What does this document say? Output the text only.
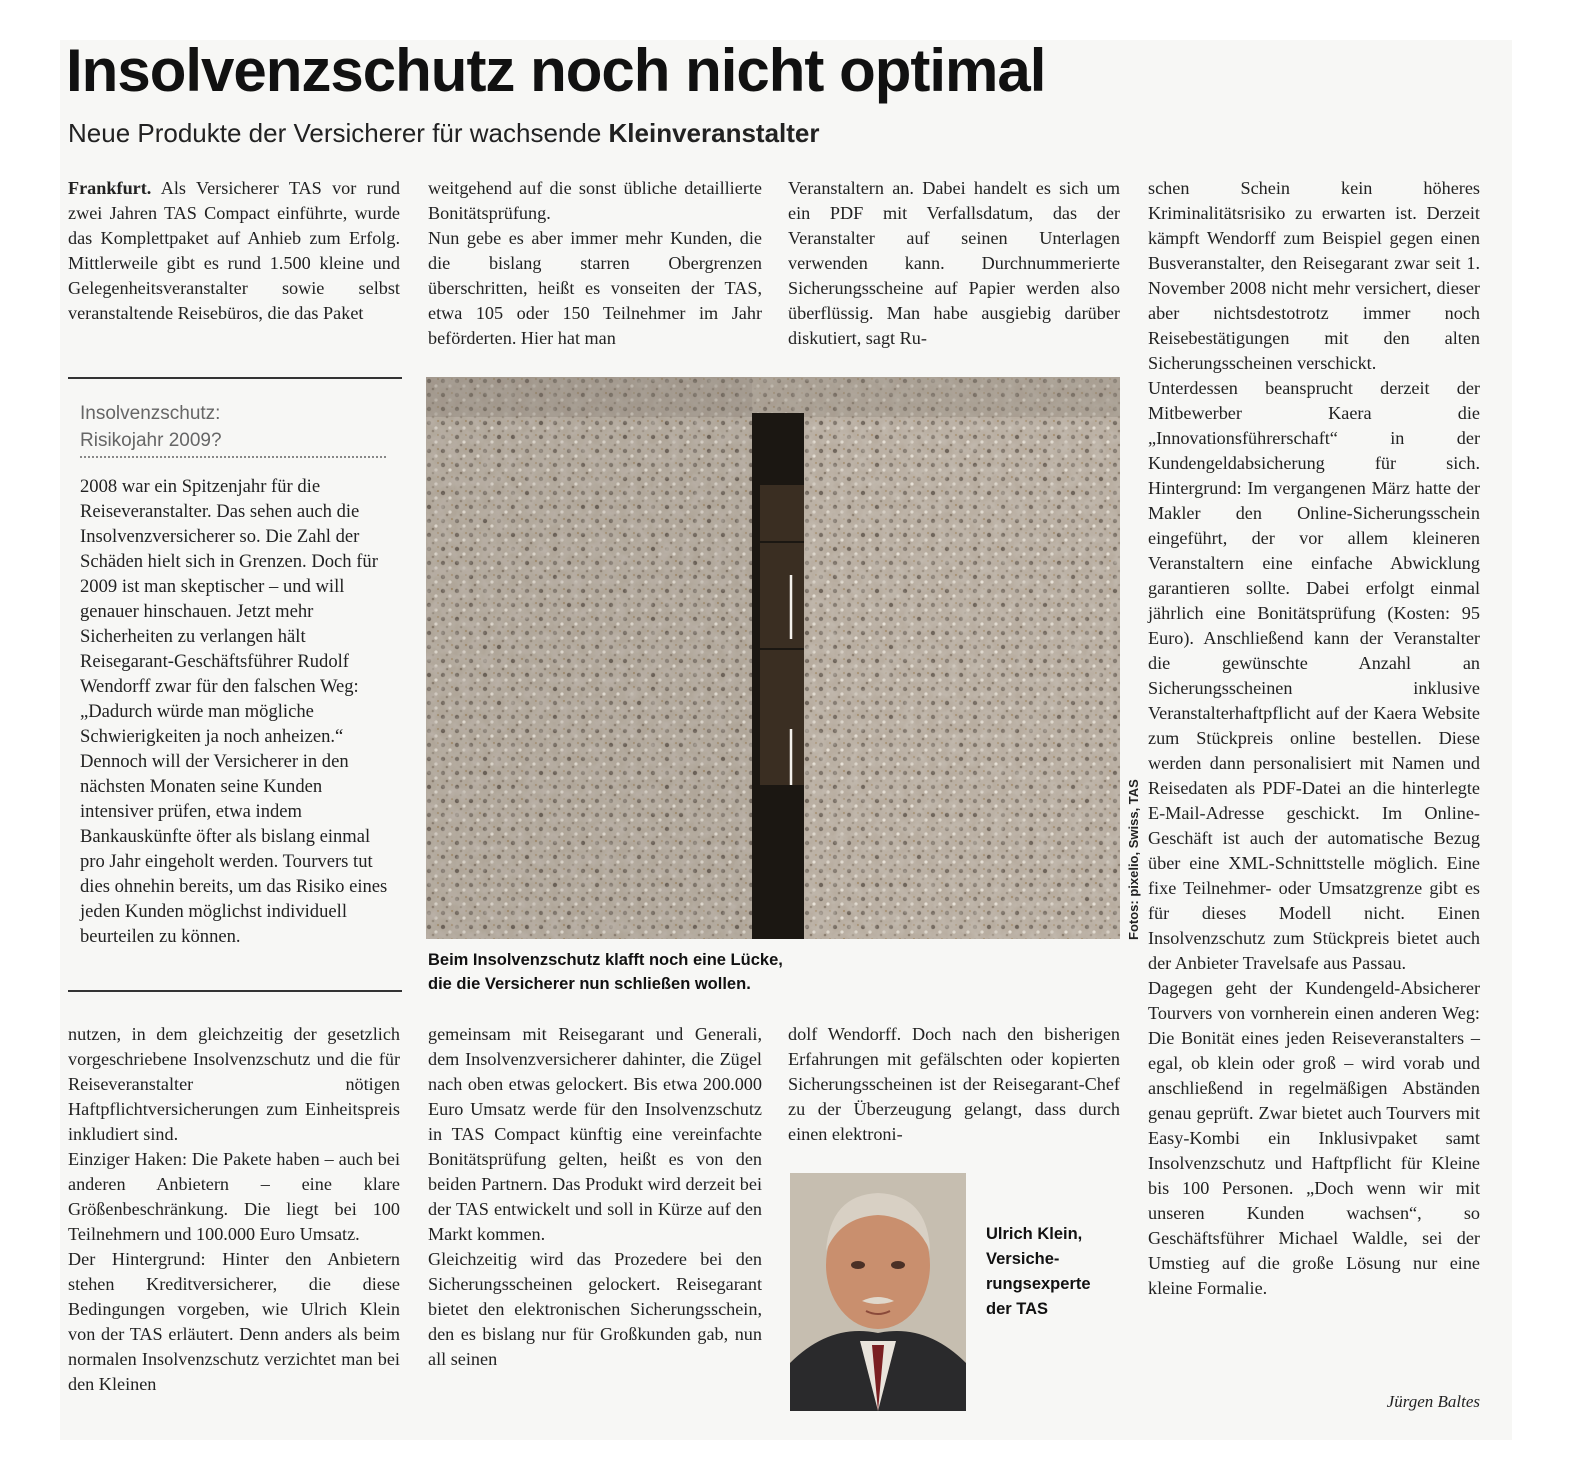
Insolvenzschutz noch nicht optimal
Neue Produkte der Versicherer für wachsende Kleinveranstalter

Frankfurt. Als Versicherer TAS vor rund zwei Jahren TAS Compact einführte, wurde das Komplettpaket auf Anhieb zum Erfolg. Mittlerweile gibt es rund 1.500 kleine und Gelegenheitsveranstalter sowie selbst veranstaltende Reisebüros, die das Paket

Insolvenzschutz:
Risikojahr 2009?
2008 war ein Spitzenjahr für die Reiseveranstalter. Das sehen auch die Insolvenzversicherer so. Die Zahl der Schäden hielt sich in Grenzen. Doch für 2009 ist man skeptischer – und will genauer hinschauen. Jetzt mehr Sicherheiten zu verlangen hält Reisegarant-Geschäftsführer Rudolf Wendorff zwar für den falschen Weg: „Dadurch würde man mögliche Schwierigkeiten ja noch anheizen.“ Dennoch will der Versicherer in den nächsten Monaten seine Kunden intensiver prüfen, etwa indem Bankauskünfte öfter als bislang einmal pro Jahr eingeholt werden. Tourvers tut dies ohnehin bereits, um das Risiko eines jeden Kunden möglichst individuell beurteilen zu können.

weitgehend auf die sonst übliche detaillierte Bonitätsprüfung.

Nun gebe es aber immer mehr Kunden, die die bislang starren Obergrenzen überschritten, heißt es vonseiten der TAS, etwa 105 oder 150 Teilnehmer im Jahr beförderten. Hier hat man

Veranstaltern an. Dabei handelt es sich um ein PDF mit Verfallsdatum, das der Veranstalter auf seinen Unterlagen verwenden kann. Durchnummerierte Sicherungsscheine auf Papier werden also überflüssig. Man habe ausgiebig darüber diskutiert, sagt Ru-

Fotos: pixelio, Swiss, TAS
Beim Insolvenzschutz klafft noch eine Lücke,
die die Versicherer nun schließen wollen.

schen Schein kein höheres Kriminalitätsrisiko zu erwarten ist. Derzeit kämpft Wendorff zum Beispiel gegen einen Busveranstalter, den Reisegarant zwar seit 1. November 2008 nicht mehr versichert, dieser aber nichtsdestotrotz immer noch Reisebestätigungen mit den alten Sicherungsscheinen verschickt.

Unterdessen beansprucht derzeit der Mitbewerber Kaera die „Innovationsführerschaft“ in der Kundengeldabsicherung für sich. Hintergrund: Im vergangenen März hatte der Makler den Online-Sicherungsschein eingeführt, der vor allem kleineren Veranstaltern eine einfache Abwicklung garantieren sollte. Dabei erfolgt einmal jährlich eine Bonitätsprüfung (Kosten: 95 Euro). Anschließend kann der Veranstalter die gewünschte Anzahl an Sicherungsscheinen inklusive Veranstalterhaftpflicht auf der Kaera Website zum Stückpreis online bestellen. Diese werden dann personalisiert mit Namen und Reisedaten als PDF-Datei an die hinterlegte E-Mail-Adresse geschickt. Im Online-Geschäft ist auch der automatische Bezug über eine XML-Schnittstelle möglich. Eine fixe Teilnehmer- oder Umsatzgrenze gibt es für dieses Modell nicht. Einen Insolvenzschutz zum Stückpreis bietet auch der Anbieter Travelsafe aus Passau.

Dagegen geht der Kundengeld-Absicherer Tourvers von vornherein einen anderen Weg: Die Bonität eines jeden Reiseveranstalters – egal, ob klein oder groß – wird vorab und anschließend in regelmäßigen Abständen genau geprüft. Zwar bietet auch Tourvers mit Easy-Kombi ein Inklusivpaket samt Insolvenzschutz und Haftpflicht für Kleine bis 100 Personen. „Doch wenn wir mit unseren Kunden wachsen“, so Geschäftsführer Michael Waldle, sei der Umstieg auf die große Lösung nur eine kleine Formalie.

nutzen, in dem gleichzeitig der gesetzlich vorgeschriebene Insolvenzschutz und die für Reiseveranstalter nötigen Haftpflichtversicherungen zum Einheitspreis inkludiert sind.

Einziger Haken: Die Pakete haben – auch bei anderen Anbietern – eine klare Größenbeschränkung. Die liegt bei 100 Teilnehmern und 100.000 Euro Umsatz.

Der Hintergrund: Hinter den Anbietern stehen Kreditversicherer, die diese Bedingungen vorgeben, wie Ulrich Klein von der TAS erläutert. Denn anders als beim normalen Insolvenzschutz verzichtet man bei den Kleinen

gemeinsam mit Reisegarant und Generali, dem Insolvenzversicherer dahinter, die Zügel nach oben etwas gelockert. Bis etwa 200.000 Euro Umsatz werde für den Insolvenzschutz in TAS Compact künftig eine vereinfachte Bonitätsprüfung gelten, heißt es von den beiden Partnern. Das Produkt wird derzeit bei der TAS entwickelt und soll in Kürze auf den Markt kommen.

Gleichzeitig wird das Prozedere bei den Sicherungsscheinen gelockert. Reisegarant bietet den elektronischen Sicherungsschein, den es bislang nur für Großkunden gab, nun all seinen

dolf Wendorff. Doch nach den bisherigen Erfahrungen mit gefälschten oder kopierten Sicherungsscheinen ist der Reisegarant-Chef zu der Überzeugung gelangt, dass durch einen elektroni-

Ulrich Klein, Versiche-rungsexperte der TAS
Jürgen Baltes
